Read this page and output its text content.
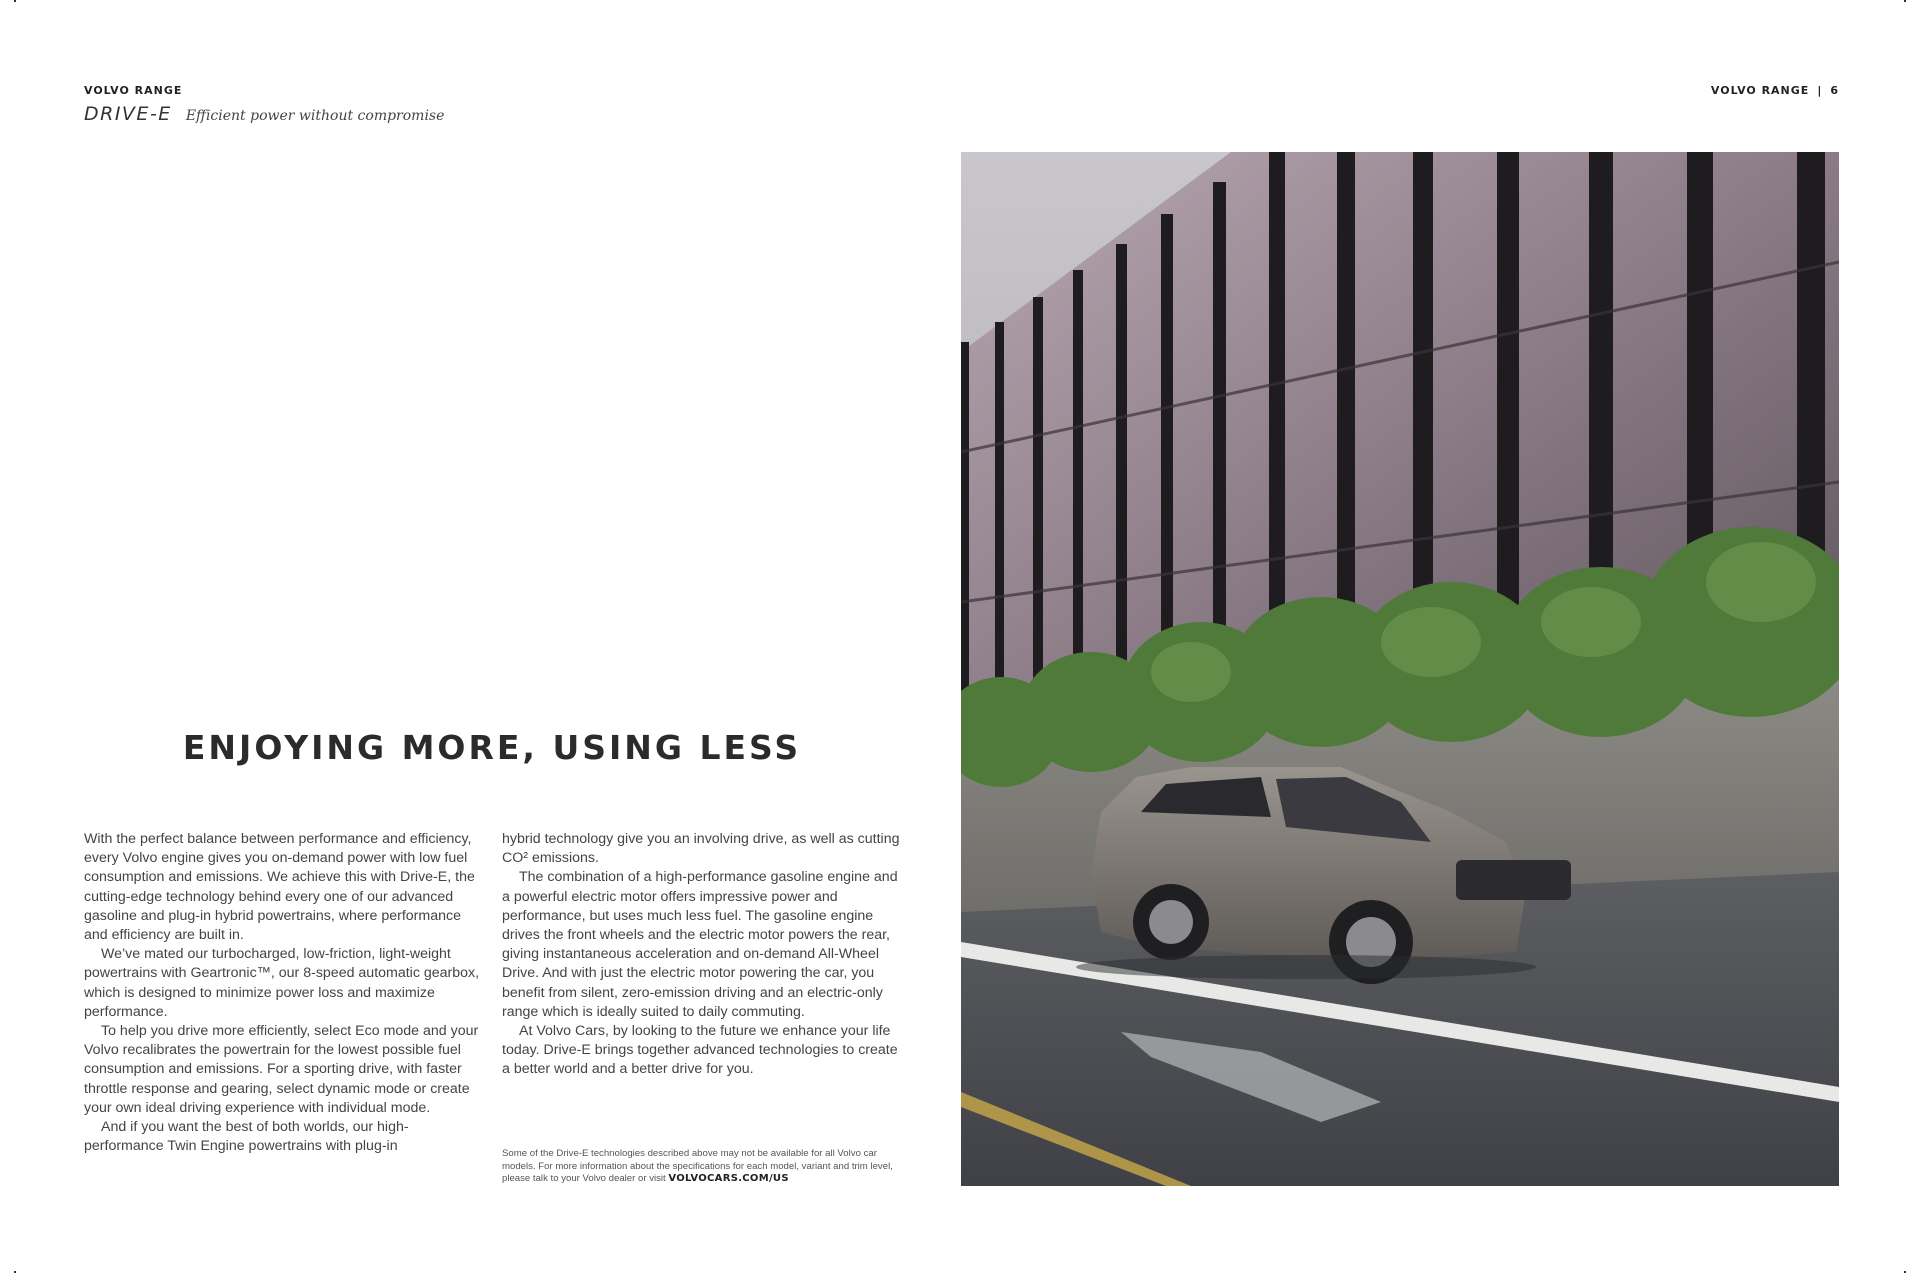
VOLVO RANGE
DRIVE-E Efficient power without compromise
VOLVO RANGE | 6
ENJOYING MORE, USING LESS

With the perfect balance between performance and efficiency, every Volvo engine gives you on-demand power with low fuel consumption and emissions. We achieve this with Drive-E, the cutting-edge technology behind every one of our advanced gasoline and plug-in hybrid powertrains, where performance and efficiency are built in.

We’ve mated our turbocharged, low-friction, light-weight powertrains with Geartronic™, our 8-speed automatic gearbox, which is designed to minimize power loss and maximize performance.

To help you drive more efficiently, select Eco mode and your Volvo recalibrates the powertrain for the lowest possible fuel consumption and emissions. For a sporting drive, with faster throttle response and gearing, select dynamic mode or create your own ideal driving experience with individual mode.

And if you want the best of both worlds, our high-performance Twin Engine powertrains with plug-in

hybrid technology give you an involving drive, as well as cutting CO² emissions.

The combination of a high-performance gasoline engine and a powerful electric motor offers impressive power and performance, but uses much less fuel. The gasoline engine drives the front wheels and the electric motor powers the rear, giving instantaneous acceleration and on-demand All-Wheel Drive. And with just the electric motor powering the car, you benefit from silent, zero-emission driving and an electric-only range which is ideally suited to daily commuting.

At Volvo Cars, by looking to the future we enhance your life today. Drive-E brings together advanced technologies to create a better world and a better drive for you.

Some of the Drive-E technologies described above may not be available for all Volvo car models. For more information about the specifications for each model, variant and trim level, please talk to your Volvo dealer or visit VOLVOCARS.COM/US
